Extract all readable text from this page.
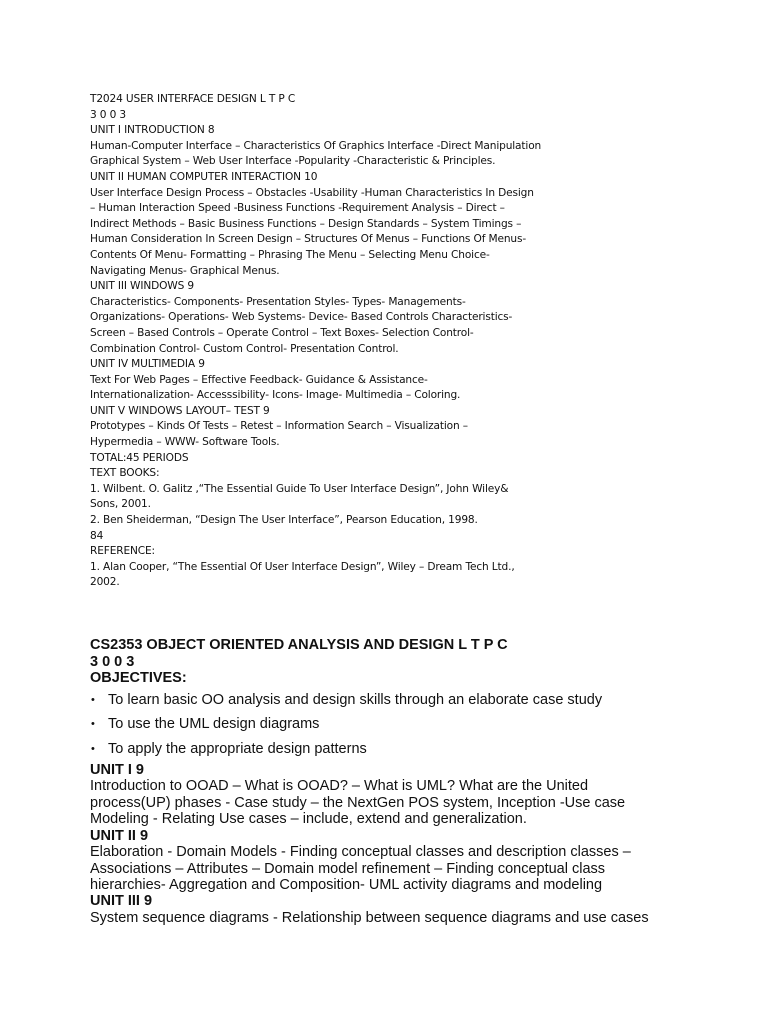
T2024 USER INTERFACE DESIGN L T P C
3 0 0 3
UNIT I INTRODUCTION 8
Human-Computer Interface – Characteristics Of Graphics Interface -Direct Manipulation
Graphical System – Web User Interface -Popularity -Characteristic & Principles.
UNIT II HUMAN COMPUTER INTERACTION 10
User Interface Design Process – Obstacles -Usability -Human Characteristics In Design
– Human Interaction Speed -Business Functions -Requirement Analysis – Direct –
Indirect Methods – Basic Business Functions – Design Standards – System Timings –
Human Consideration In Screen Design – Structures Of Menus – Functions Of Menus-
Contents Of Menu- Formatting – Phrasing The Menu – Selecting Menu Choice-
Navigating Menus- Graphical Menus.
UNIT III WINDOWS 9
Characteristics- Components- Presentation Styles- Types- Managements-
Organizations- Operations- Web Systems- Device- Based Controls Characteristics-
Screen – Based Controls – Operate Control – Text Boxes- Selection Control-
Combination Control- Custom Control- Presentation Control.
UNIT IV MULTIMEDIA 9
Text For Web Pages – Effective Feedback- Guidance & Assistance-
Internationalization- Accesssibility- Icons- Image- Multimedia – Coloring.
UNIT V WINDOWS LAYOUT– TEST 9
Prototypes – Kinds Of Tests – Retest – Information Search – Visualization –
Hypermedia – WWW- Software Tools.
TOTAL:45 PERIODS
TEXT BOOKS:
1. Wilbent. O. Galitz ,“The Essential Guide To User Interface Design”, John Wiley&
Sons, 2001.
2. Ben Sheiderman, “Design The User Interface”, Pearson Education, 1998.
84
REFERENCE:
1. Alan Cooper, “The Essential Of User Interface Design”, Wiley – Dream Tech Ltd.,
2002.
CS2353 OBJECT ORIENTED ANALYSIS AND DESIGN L T P C
3 0 0 3
OBJECTIVES:
• To learn basic OO analysis and design skills through an elaborate case study
• To use the UML design diagrams
• To apply the appropriate design patterns
UNIT I 9
Introduction to OOAD – What is OOAD? – What is UML? What are the United
process(UP) phases - Case study – the NextGen POS system, Inception -Use case
Modeling - Relating Use cases – include, extend and generalization.
UNIT II 9
Elaboration - Domain Models - Finding conceptual classes and description classes –
Associations – Attributes – Domain model refinement – Finding conceptual class
hierarchies- Aggregation and Composition- UML activity diagrams and modeling
UNIT III 9
System sequence diagrams - Relationship between sequence diagrams and use cases
